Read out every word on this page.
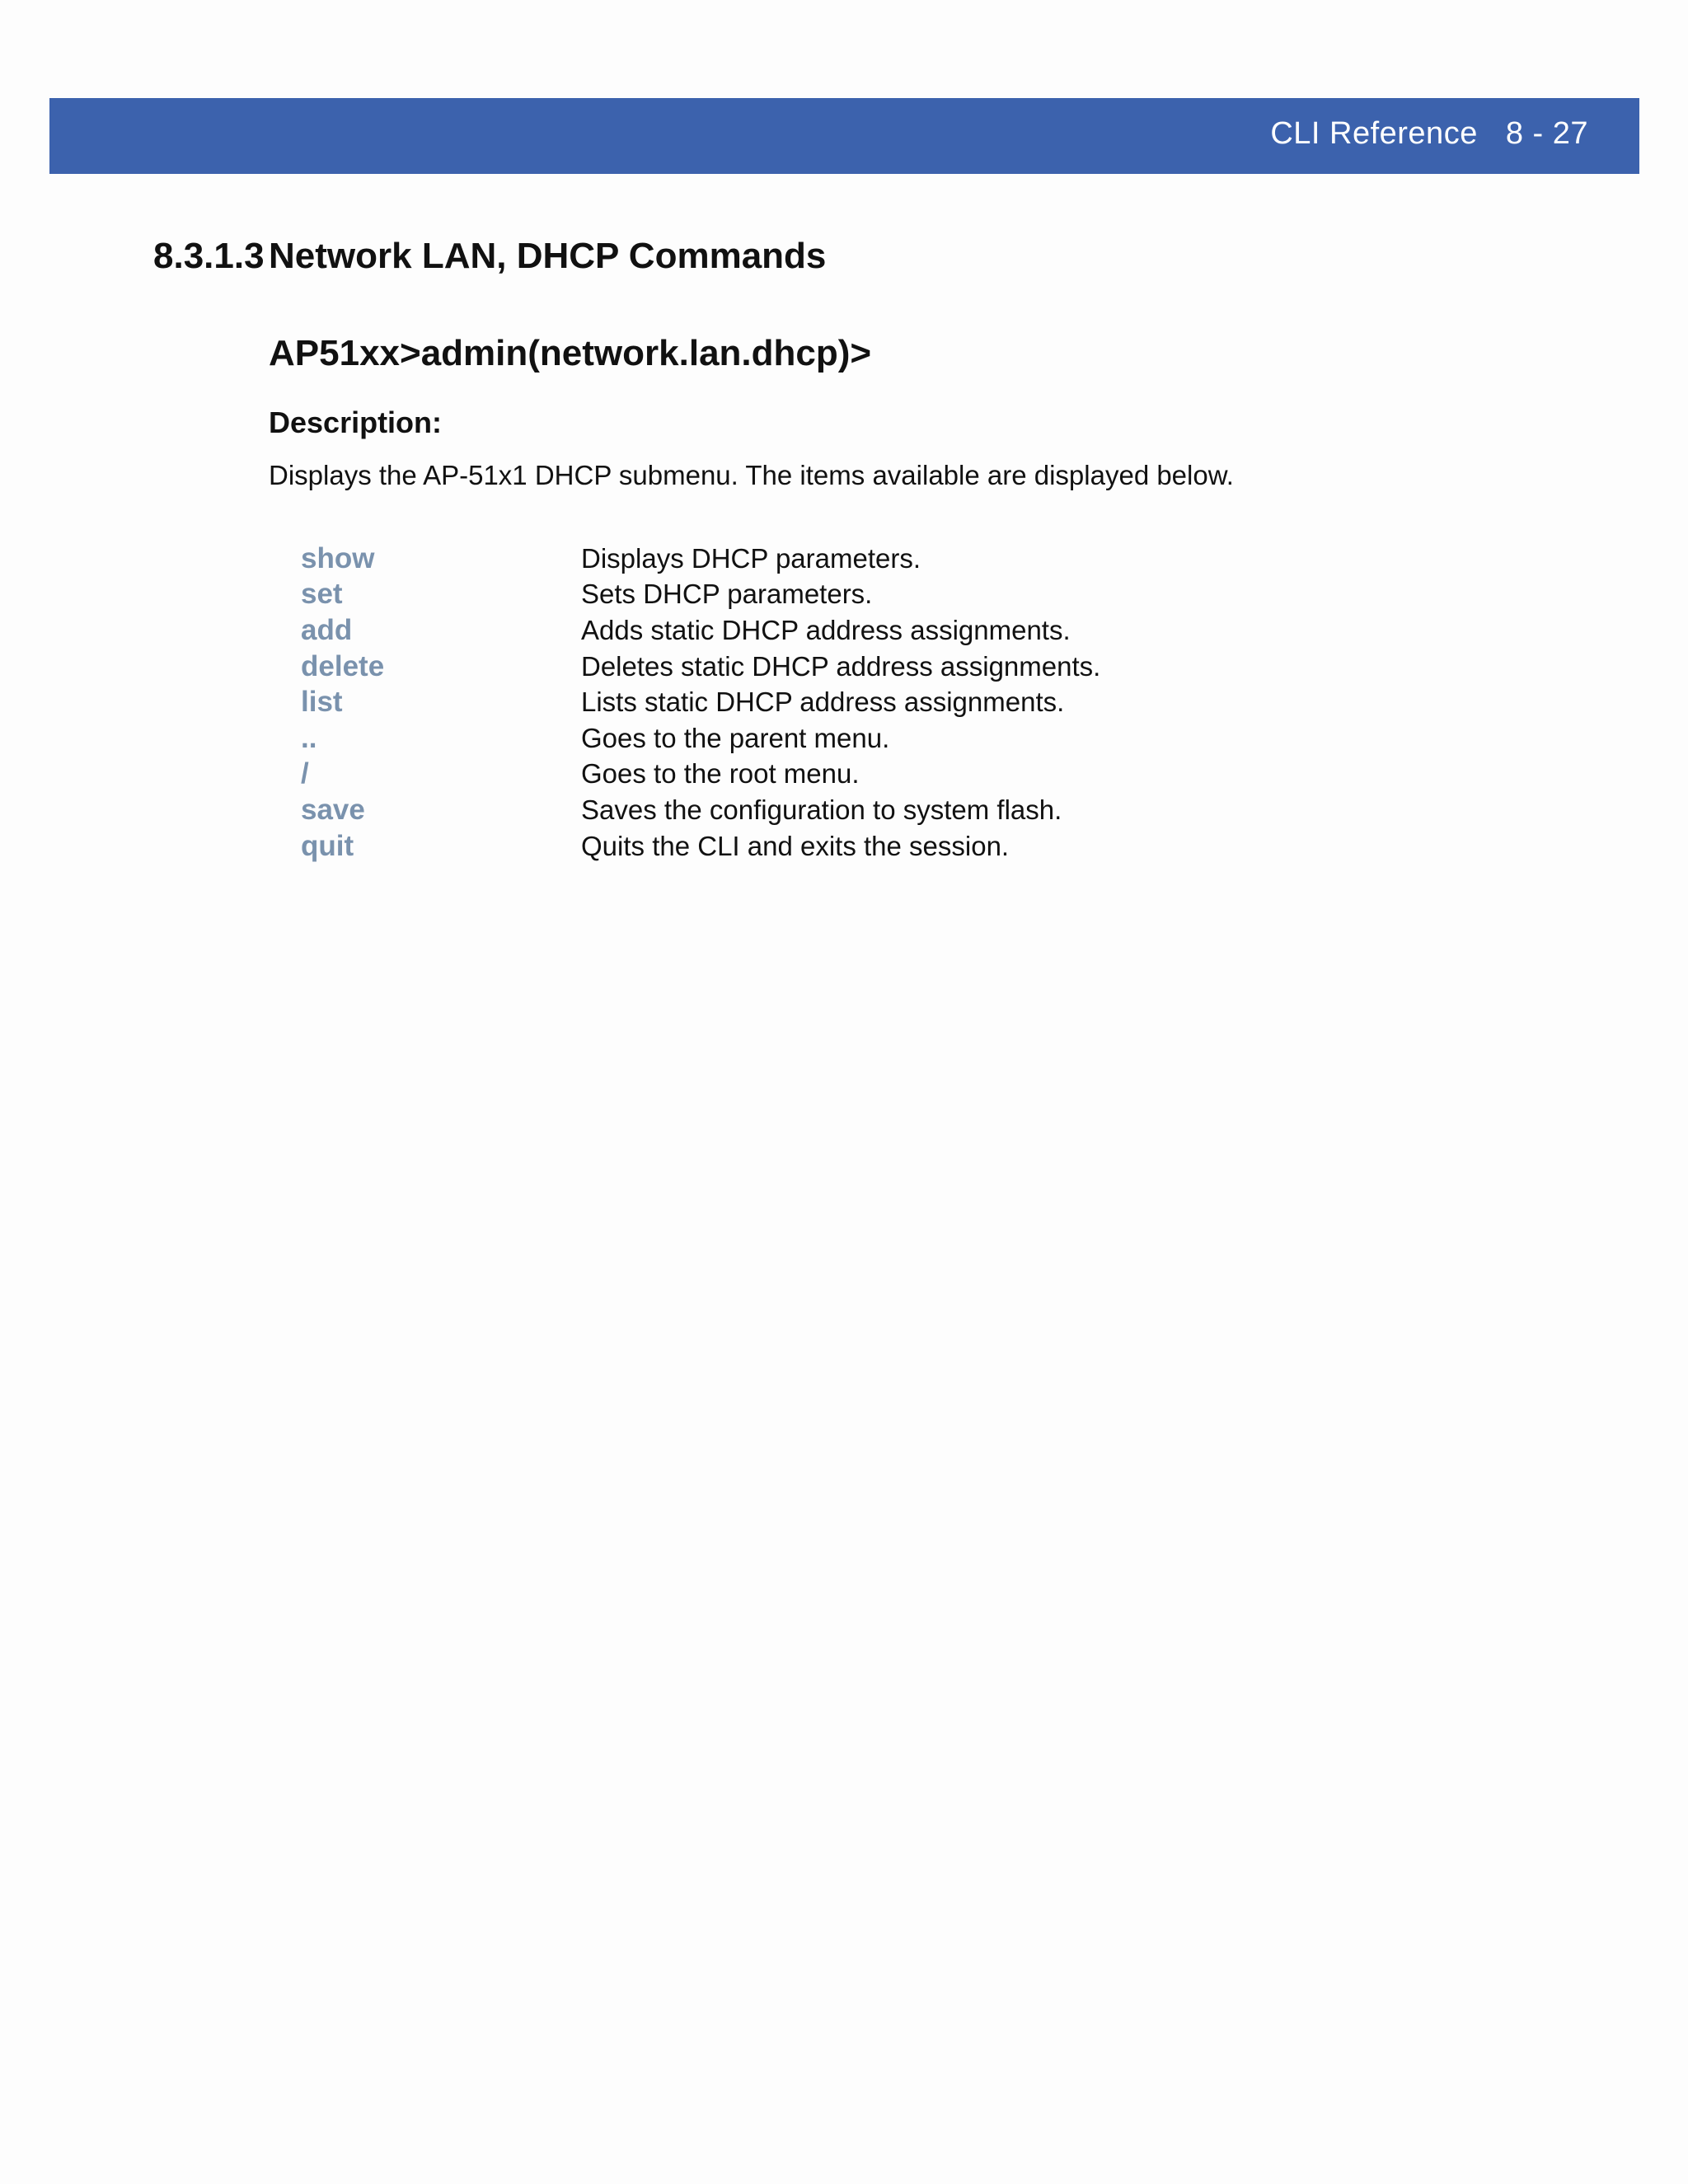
CLI Reference 8 - 27
8.3.1.3 Network LAN, DHCP Commands
AP51xx>admin(network.lan.dhcp)>
Description:
Displays the AP-51x1 DHCP submenu. The items available are displayed below.
show	Displays DHCP parameters.
set	Sets DHCP parameters.
add	Adds static DHCP address assignments.
delete	Deletes static DHCP address assignments.
list	Lists static DHCP address assignments.
..	Goes to the parent menu.
/	Goes to the root menu.
save	Saves the configuration to system flash.
quit	Quits the CLI and exits the session.
